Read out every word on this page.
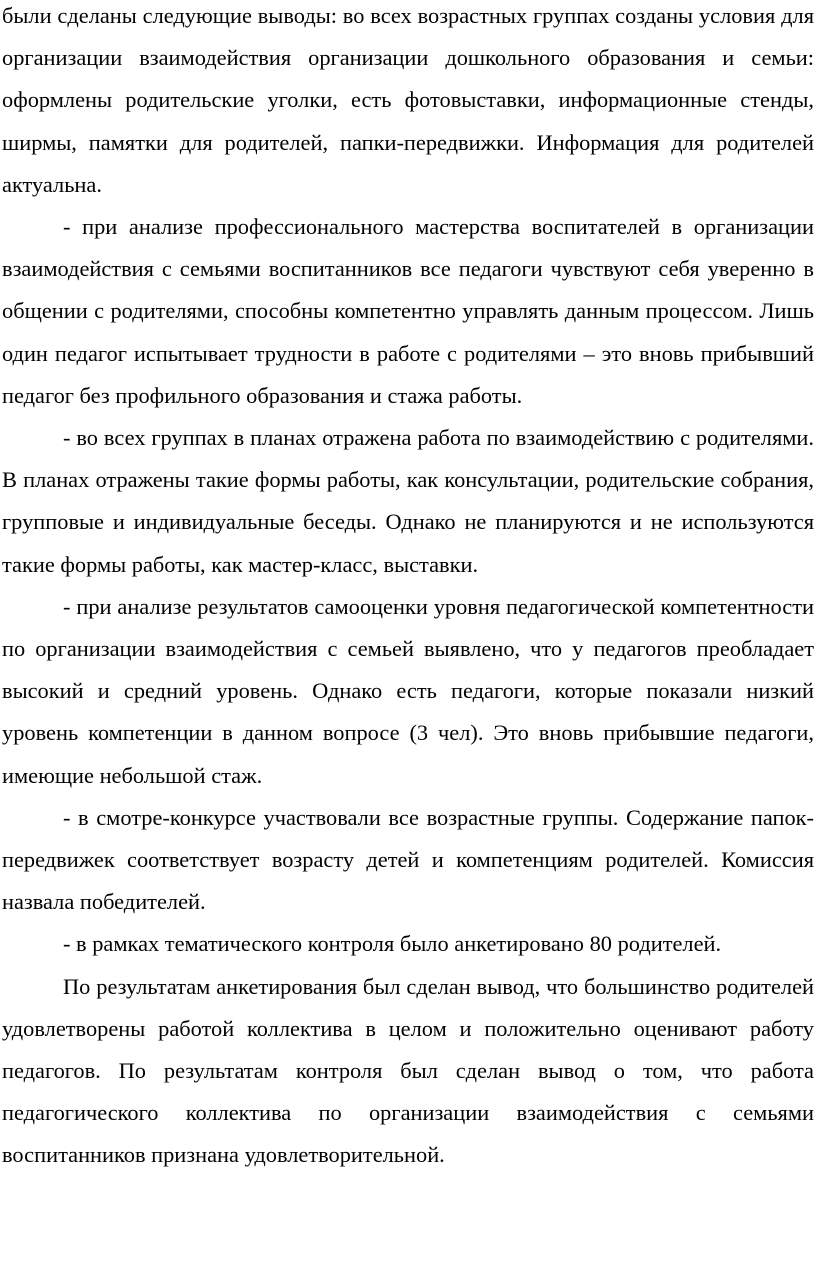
были сделаны следующие выводы: во всех возрастных группах созданы условия для организации взаимодействия организации дошкольного образования и семьи: оформлены родительские уголки, есть фотовыставки, информационные стенды, ширмы, памятки для родителей, папки-передвижки. Информация для родителей актуальна.

- при анализе профессионального мастерства воспитателей в организации взаимодействия с семьями воспитанников все педагоги чувствуют себя уверенно в общении с родителями, способны компетентно управлять данным процессом. Лишь один педагог испытывает трудности в работе с родителями – это вновь прибывший педагог без профильного образования и стажа работы.

- во всех группах в планах отражена работа по взаимодействию с родителями. В планах отражены такие формы работы, как консультации, родительские собрания, групповые и индивидуальные беседы. Однако не планируются и не используются такие формы работы, как мастер-класс, выставки.

- при анализе результатов самооценки уровня педагогической компетентности по организации взаимодействия с семьей выявлено, что у педагогов преобладает высокий и средний уровень. Однако есть педагоги, которые показали низкий уровень компетенции в данном вопросе (3 чел). Это вновь прибывшие педагоги, имеющие небольшой стаж.

- в смотре-конкурсе участвовали все возрастные группы. Содержание папок-передвижек соответствует возрасту детей и компетенциям родителей. Комиссия назвала победителей.

- в рамках тематического контроля было анкетировано 80 родителей.

По результатам анкетирования был сделан вывод, что большинство родителей удовлетворены работой коллектива в целом и положительно оценивают работу педагогов. По результатам контроля был сделан вывод о том, что работа педагогического коллектива по организации взаимодействия с семьями воспитанников признана удовлетворительной.
